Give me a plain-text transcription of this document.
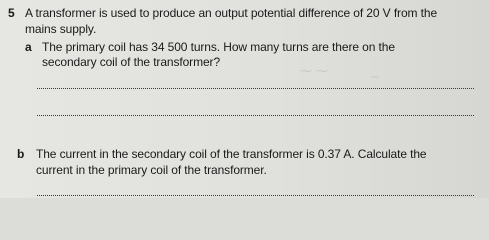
⁓ ⁓	~
5 A transformer is used to produce an output potential difference of 20 V from the
mains supply.
a The primary coil has 34 500 turns. How many turns are there on the
secondary coil of the transformer?
b The current in the secondary coil of the transformer is 0.37 A. Calculate the
current in the primary coil of the transformer.
